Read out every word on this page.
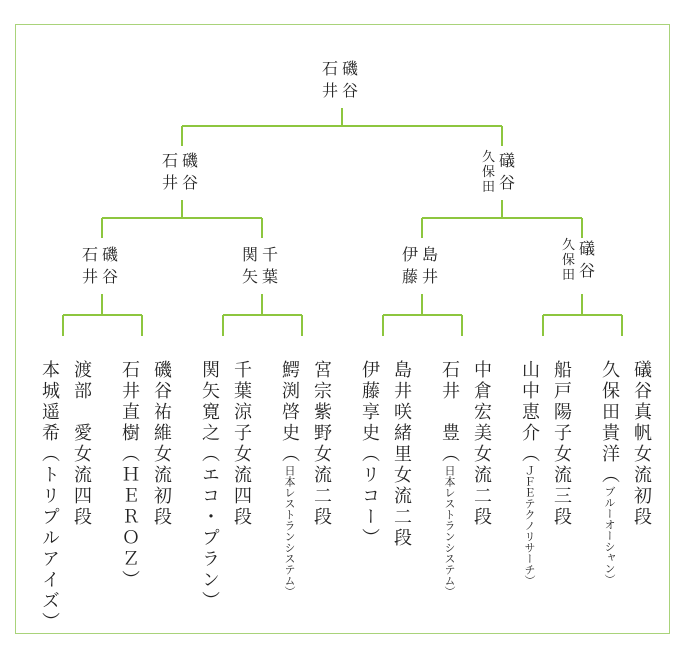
磯
谷
石
井
磯
谷
石
井
礒
谷
久
保
田
磯
谷
石
井
千
葉
関
矢
島
井
伊
藤
礒
谷
久
保
田
磯谷祐維女流初段
石井直樹（ＨＥＲＯＺ）
渡部　愛女流四段
本城遥希（トリプルアイズ）	宮宗紫野女流二段
鰐渕啓史（日本レストランシステム）
千葉涼子女流四段
関矢寛之（エコ・プラン）	中倉宏美女流二段
石井　豊（日本レストランシステム）
島井咲緒里女流二段
伊藤享史（リコー）	礒谷真帆女流初段
久保田貴洋（ブルーオーシャン）
船戸陽子女流三段
山中恵介（ＪＦＥテクノリサーチ）
